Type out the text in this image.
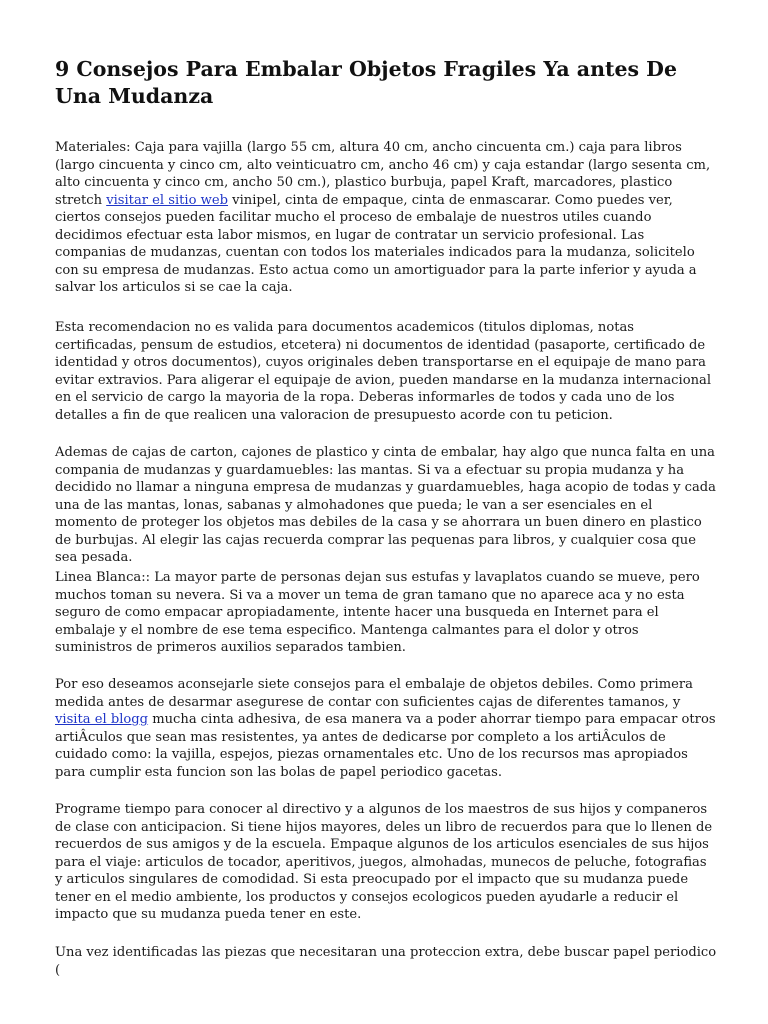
9 Consejos Para Embalar Objetos Fragiles Ya antes De Una Mudanza

Materiales: Caja para vajilla (largo 55 cm, altura 40 cm, ancho cincuenta cm.) caja para libros (largo cincuenta y cinco cm, alto veinticuatro cm, ancho 46 cm) y caja estandar (largo sesenta cm, alto cincuenta y cinco cm, ancho 50 cm.), plastico burbuja, papel Kraft, marcadores, plastico stretch visitar el sitio web vinipel, cinta de empaque, cinta de enmascarar. Como puedes ver, ciertos consejos pueden facilitar mucho el proceso de embalaje de nuestros utiles cuando decidimos efectuar esta labor mismos, en lugar de contratar un servicio profesional. Las companias de mudanzas, cuentan con todos los materiales indicados para la mudanza, solicitelo con su empresa de mudanzas. Esto actua como un amortiguador para la parte inferior y ayuda a salvar los articulos si se cae la caja.

Esta recomendacion no es valida para documentos academicos (titulos diplomas, notas certificadas, pensum de estudios, etcetera) ni documentos de identidad (pasaporte, certificado de identidad y otros documentos), cuyos originales deben transportarse en el equipaje de mano para evitar extravios. Para aligerar el equipaje de avion, pueden mandarse en la mudanza internacional en el servicio de cargo la mayoria de la ropa. Deberas informarles de todos y cada uno de los detalles a fin de que realicen una valoracion de presupuesto acorde con tu peticion.

Ademas de cajas de carton, cajones de plastico y cinta de embalar, hay algo que nunca falta en una compania de mudanzas y guardamuebles: las mantas. Si va a efectuar su propia mudanza y ha decidido no llamar a ninguna empresa de mudanzas y guardamuebles, haga acopio de todas y cada una de las mantas, lonas, sabanas y almohadones que pueda; le van a ser esenciales en el momento de proteger los objetos mas debiles de la casa y se ahorrara un buen dinero en plastico de burbujas. Al elegir las cajas recuerda comprar las pequenas para libros, y cualquier cosa que sea pesada.

Linea Blanca:: La mayor parte de personas dejan sus estufas y lavaplatos cuando se mueve, pero muchos toman su nevera. Si va a mover un tema de gran tamano que no aparece aca y no esta seguro de como empacar apropiadamente, intente hacer una busqueda en Internet para el embalaje y el nombre de ese tema especifico. Mantenga calmantes para el dolor y otros suministros de primeros auxilios separados tambien.

Por eso deseamos aconsejarle siete consejos para el embalaje de objetos debiles. Como primera medida antes de desarmar asegurese de contar con suficientes cajas de diferentes tamanos, y visita el blogg mucha cinta adhesiva, de esa manera va a poder ahorrar tiempo para empacar otros artiÂculos que sean mas resistentes, ya antes de dedicarse por completo a los artiÂculos de cuidado como: la vajilla, espejos, piezas ornamentales etc. Uno de los recursos mas apropiados para cumplir esta funcion son las bolas de papel periodico gacetas.

Programe tiempo para conocer al directivo y a algunos de los maestros de sus hijos y companeros de clase con anticipacion. Si tiene hijos mayores, deles un libro de recuerdos para que lo llenen de recuerdos de sus amigos y de la escuela. Empaque algunos de los articulos esenciales de sus hijos para el viaje: articulos de tocador, aperitivos, juegos, almohadas, munecos de peluche, fotografias y articulos singulares de comodidad. Si esta preocupado por el impacto que su mudanza puede tener en el medio ambiente, los productos y consejos ecologicos pueden ayudarle a reducir el impacto que su mudanza pueda tener en este.

Una vez identificadas las piezas que necesitaran una proteccion extra, debe buscar papel periodico (
